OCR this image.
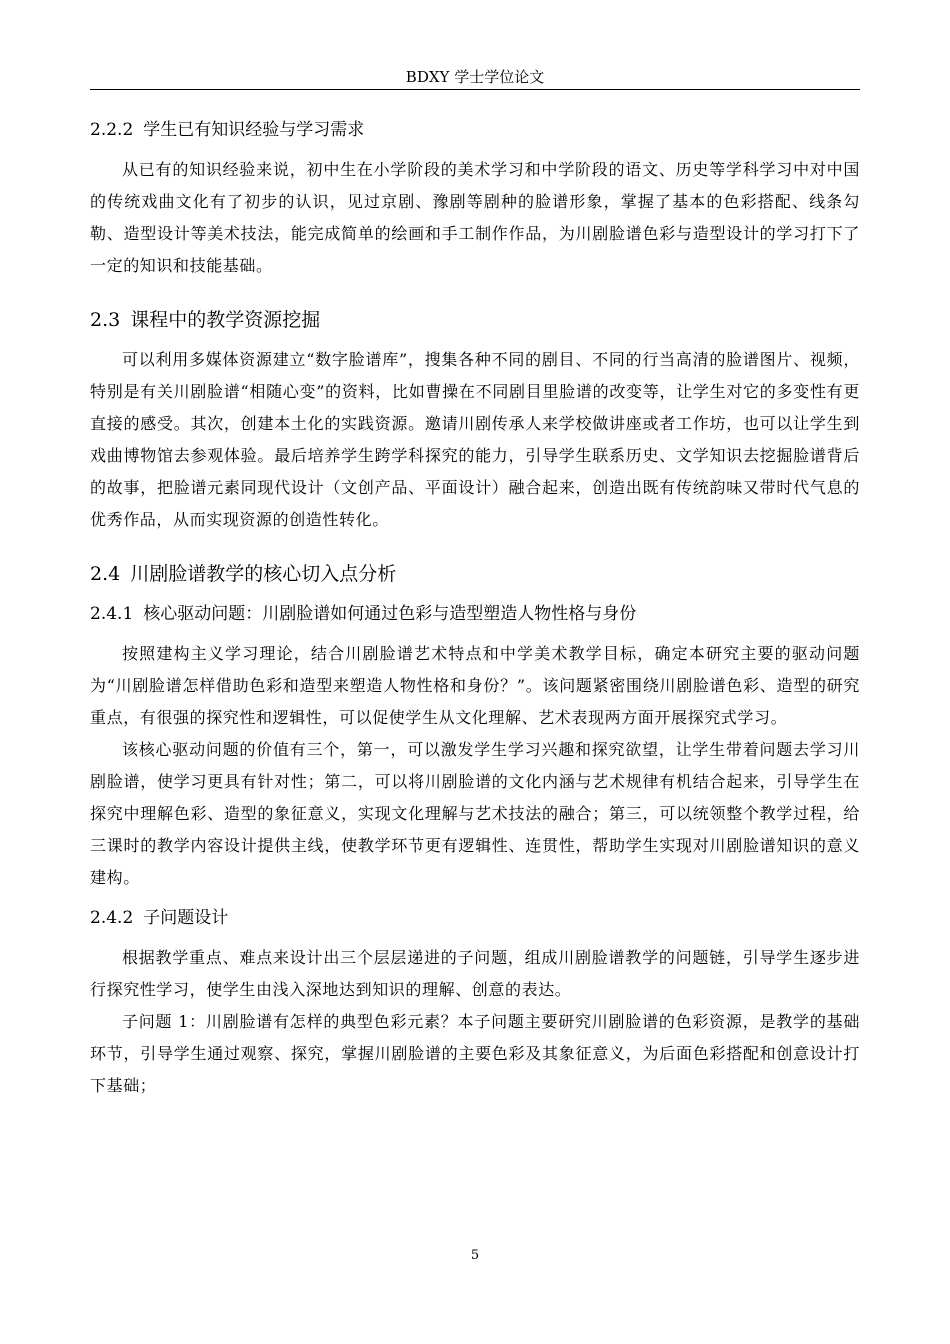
BDXY 学士学位论文
2.2.2 学生已有知识经验与学习需求

从已有的知识经验来说，初中生在小学阶段的美术学习和中学阶段的语文、历史等学科学习中对中国的传统戏曲文化有了初步的认识，见过京剧、豫剧等剧种的脸谱形象，掌握了基本的色彩搭配、线条勾勒、造型设计等美术技法，能完成简单的绘画和手工制作作品，为川剧脸谱色彩与造型设计的学习打下了一定的知识和技能基础。

2.3 课程中的教学资源挖掘

可以利用多媒体资源建立“数字脸谱库”，搜集各种不同的剧目、不同的行当高清的脸谱图片、视频，特别是有关川剧脸谱“相随心变”的资料，比如曹操在不同剧目里脸谱的改变等，让学生对它的多变性有更直接的感受。其次，创建本土化的实践资源。邀请川剧传承人来学校做讲座或者工作坊，也可以让学生到戏曲博物馆去参观体验。最后培养学生跨学科探究的能力，引导学生联系历史、文学知识去挖掘脸谱背后的故事，把脸谱元素同现代设计（文创产品、平面设计）融合起来，创造出既有传统韵味又带时代气息的优秀作品，从而实现资源的创造性转化。

2.4 川剧脸谱教学的核心切入点分析
2.4.1 核心驱动问题：川剧脸谱如何通过色彩与造型塑造人物性格与身份

按照建构主义学习理论，结合川剧脸谱艺术特点和中学美术教学目标，确定本研究主要的驱动问题为“川剧脸谱怎样借助色彩和造型来塑造人物性格和身份？”。该问题紧密围绕川剧脸谱色彩、造型的研究重点，有很强的探究性和逻辑性，可以促使学生从文化理解、艺术表现两方面开展探究式学习。

该核心驱动问题的价值有三个，第一，可以激发学生学习兴趣和探究欲望，让学生带着问题去学习川剧脸谱，使学习更具有针对性；第二，可以将川剧脸谱的文化内涵与艺术规律有机结合起来，引导学生在探究中理解色彩、造型的象征意义，实现文化理解与艺术技法的融合；第三，可以统领整个教学过程，给三课时的教学内容设计提供主线，使教学环节更有逻辑性、连贯性，帮助学生实现对川剧脸谱知识的意义建构。

2.4.2 子问题设计

根据教学重点、难点来设计出三个层层递进的子问题，组成川剧脸谱教学的问题链，引导学生逐步进行探究性学习，使学生由浅入深地达到知识的理解、创意的表达。

子问题 1：川剧脸谱有怎样的典型色彩元素？本子问题主要研究川剧脸谱的色彩资源，是教学的基础环节，引导学生通过观察、探究，掌握川剧脸谱的主要色彩及其象征意义，为后面色彩搭配和创意设计打下基础；

5
